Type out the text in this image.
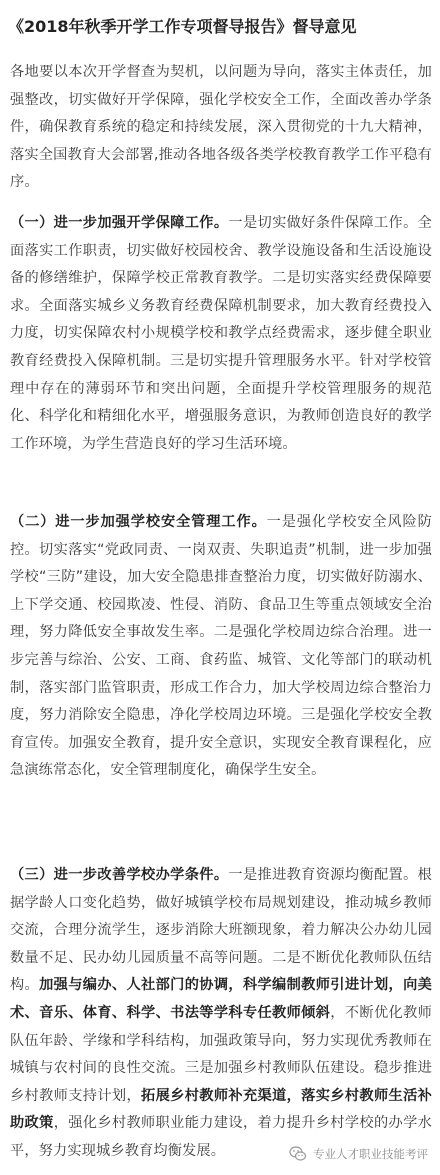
《2018年秋季开学工作专项督导报告》督导意见

各地要以本次开学督查为契机，以问题为导向，落实主体责任，加强整改，切实做好开学保障，强化学校安全工作，全面改善办学条件，确保教育系统的稳定和持续发展，深入贯彻党的十九大精神，落实全国教育大会部署,推动各地各级各类学校教育教学工作平稳有序。

（一）进一步加强开学保障工作。一是切实做好条件保障工作。全面落实工作职责，切实做好校园校舍、教学设施设备和生活设施设备的修缮维护，保障学校正常教育教学。二是切实落实经费保障要求。全面落实城乡义务教育经费保障机制要求，加大教育经费投入力度，切实保障农村小规模学校和教学点经费需求，逐步健全职业教育经费投入保障机制。三是切实提升管理服务水平。针对学校管理中存在的薄弱环节和突出问题，全面提升学校管理服务的规范化、科学化和精细化水平，增强服务意识，为教师创造良好的教学工作环境，为学生营造良好的学习生活环境。

（二）进一步加强学校安全管理工作。一是强化学校安全风险防控。切实落实“党政同责、一岗双责、失职追责”机制，进一步加强学校“三防”建设，加大安全隐患排查整治力度，切实做好防溺水、上下学交通、校园欺凌、性侵、消防、食品卫生等重点领域安全治理，努力降低安全事故发生率。二是强化学校周边综合治理。进一步完善与综治、公安、工商、食药监、城管、文化等部门的联动机制，落实部门监管职责，形成工作合力，加大学校周边综合整治力度，努力消除安全隐患，净化学校周边环境。三是强化学校安全教育宣传。加强安全教育，提升安全意识，实现安全教育课程化，应急演练常态化，安全管理制度化，确保学生安全。

（三）进一步改善学校办学条件。一是推进教育资源均衡配置。根据学龄人口变化趋势，做好城镇学校布局规划建设，推动城乡教师交流，合理分流学生，逐步消除大班额现象，着力解决公办幼儿园数量不足、民办幼儿园质量不高等问题。二是不断优化教师队伍结构。加强与编办、人社部门的协调，科学编制教师引进计划，向美术、音乐、体育、科学、书法等学科专任教师倾斜，不断优化教师队伍年龄、学缘和学科结构，加强政策导向，努力实现优秀教师在城镇与农村间的良性交流。三是加强乡村教师队伍建设。稳步推进乡村教师支持计划，拓展乡村教师补充渠道，落实乡村教师生活补助政策，强化乡村教师职业能力建设，着力提升乡村学校的办学水平，努力实现城乡教育均衡发展。	专业人才职业技能考评
